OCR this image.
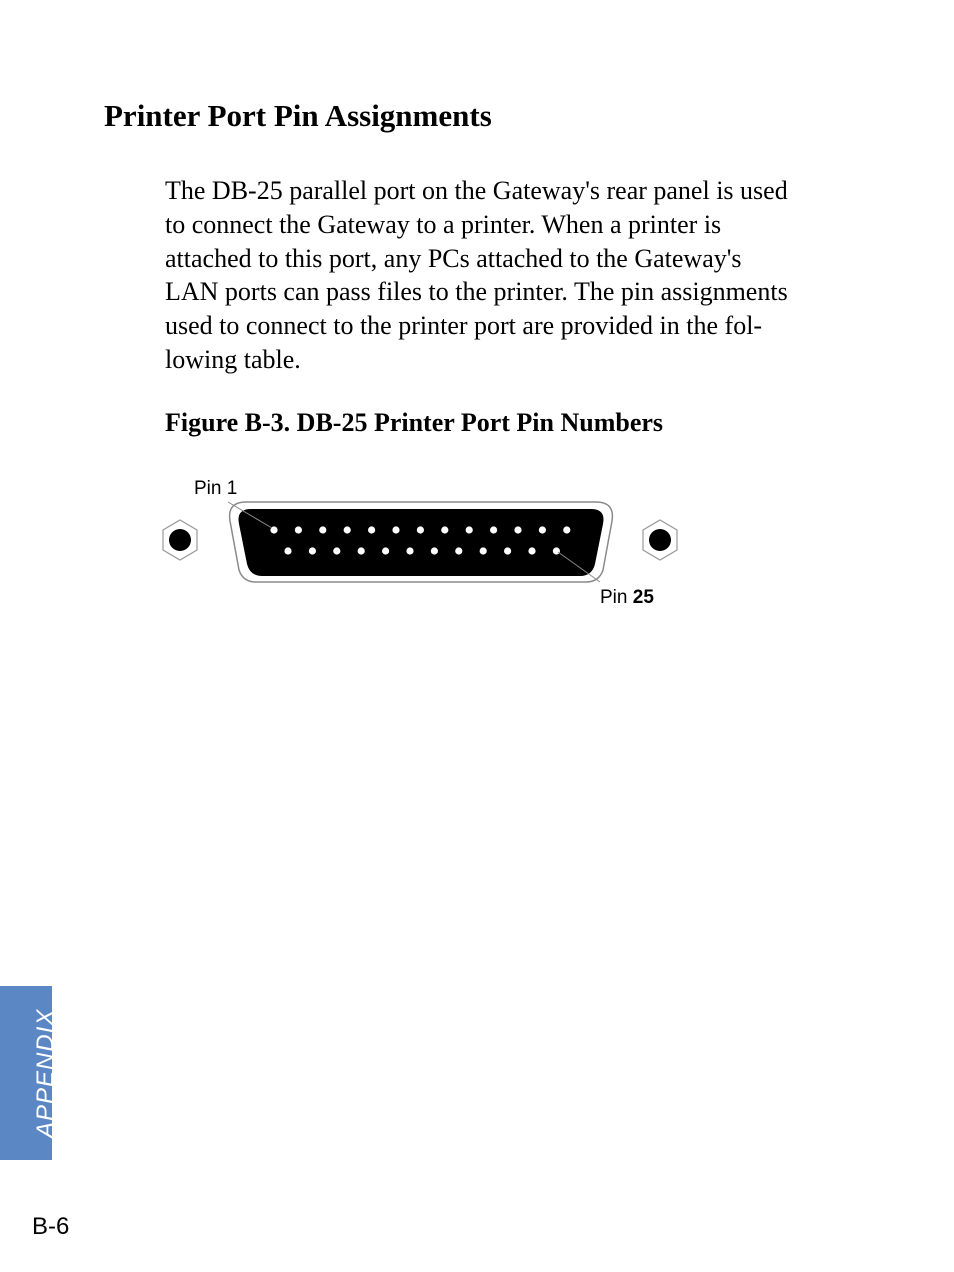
Printer Port Pin Assignments
The DB-25 parallel port on the Gateway's rear panel is used
to connect the Gateway to a printer. When a printer is
attached to this port, any PCs attached to the Gateway's
LAN ports can pass files to the printer. The pin assignments
used to connect to the printer port are provided in the fol-
lowing table.
Figure B-3. DB-25 Printer Port Pin Numbers
Pin 1
Pin 25
APPENDIX
B-6
